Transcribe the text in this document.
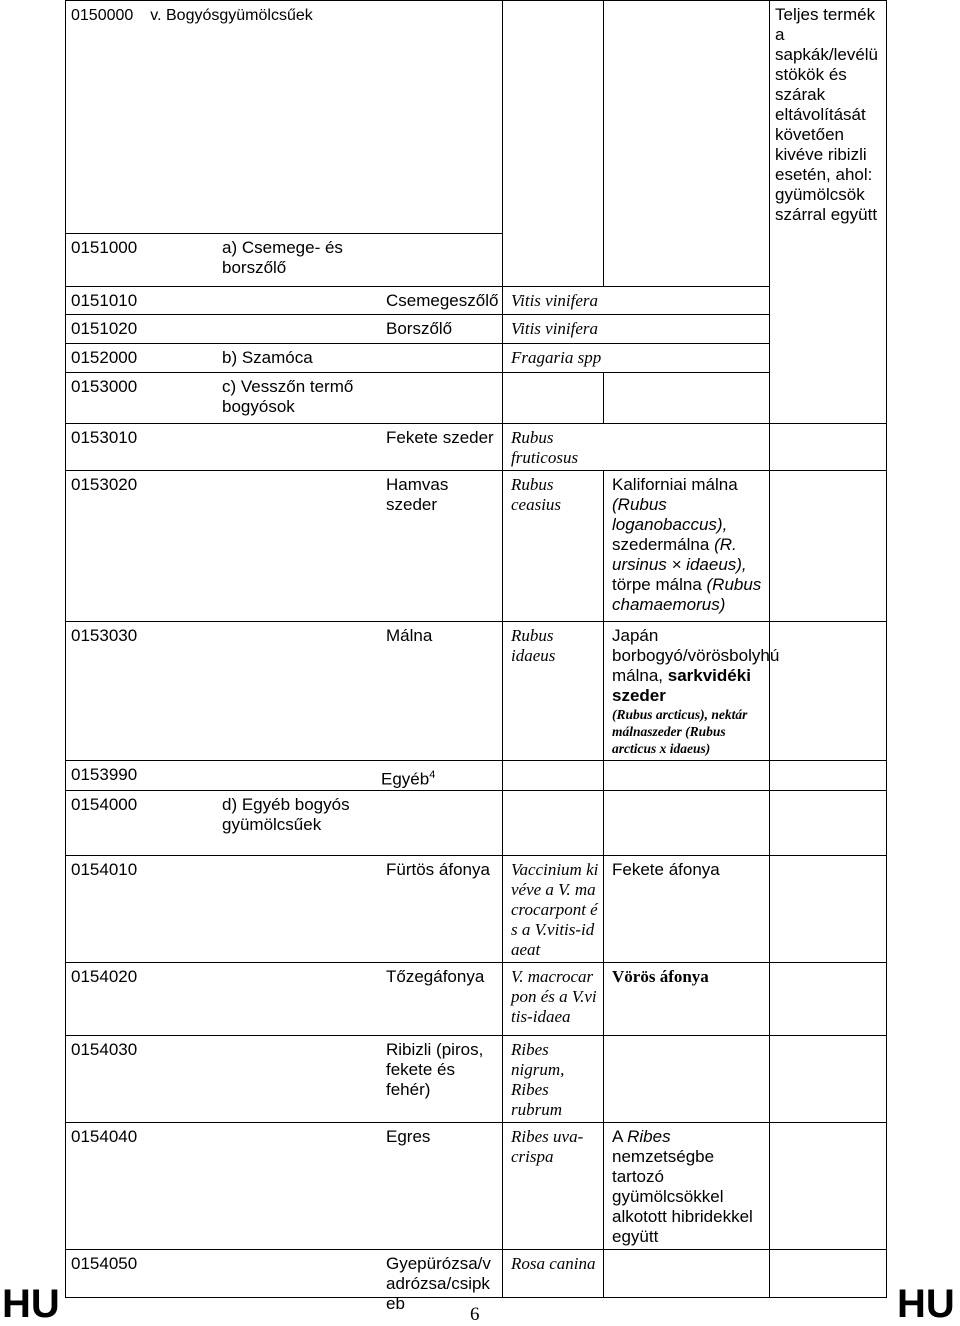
0150000 v. Bogyósgyümölcsűek			Teljes termék a sapkák/levélü stökök és szárak eltávolítását követően kivéve ribizli esetén, ahol: gyümölcsök szárral együtt
0151000 a) Csemege- és borszőlő			

0151010 Csemegeszőlő	Vitis vinifera		
0151020 Borszőlő	Vitis vinifera		
0152000 b) Szamóca	Fragaria spp		
0153000 c) Vesszőn termő bogyósok			

0153010 Fekete szeder	Rubus fruticosus		

0153020 Hamvas szeder	Rubus ceasius	Kaliforniai málna (Rubus loganobaccus), szedermálna (R. ursinus × idaeus), törpe málna (Rubus chamaemorus)	
0153030 Málna	Rubus idaeus	Japán borbogyó/vörösbolyhú málna, sarkvidéki szeder
(Rubus arcticus), nektár málnaszeder (Rubus arcticus x idaeus)	

0153990 Egyéb$^4$

0154000 d) Egyéb bogyósgyümölcsűek			

0154010 Fürtös áfonya	Vaccinium kivéve a V. macrocarpont és a V.vitis-idaeat	Fekete áfonya	
0154020 Tőzegáfonya	V. macrocarpon és a V.vitis-idaea	Vörös áfonya	
0154030 Ribizli (piros, fekete és fehér)	Ribes nigrum, Ribes rubrum		

0154040 Egres	Ribes uva-crispa	A Ribes nemzetségbe tartozó gyümölcsökkel alkotott hibridekkel együtt	
0154050 Gyepürózsa/vadrózsa/csipkeb	Rosa canina		
HU	6	HU
